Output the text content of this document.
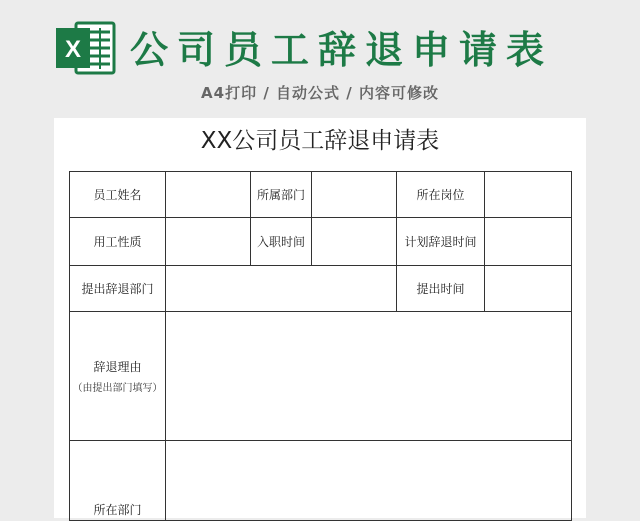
X 公司员工辞退申请表
A4打印 / 自动公式 / 内容可修改
XX公司员工辞退申请表
员工姓名		所属部门		所在岗位	
用工性质		入职时间		计划辞退时间	
提出辞退部门				提出时间	
辞退理由
（由提出部门填写）					

所在部门					
